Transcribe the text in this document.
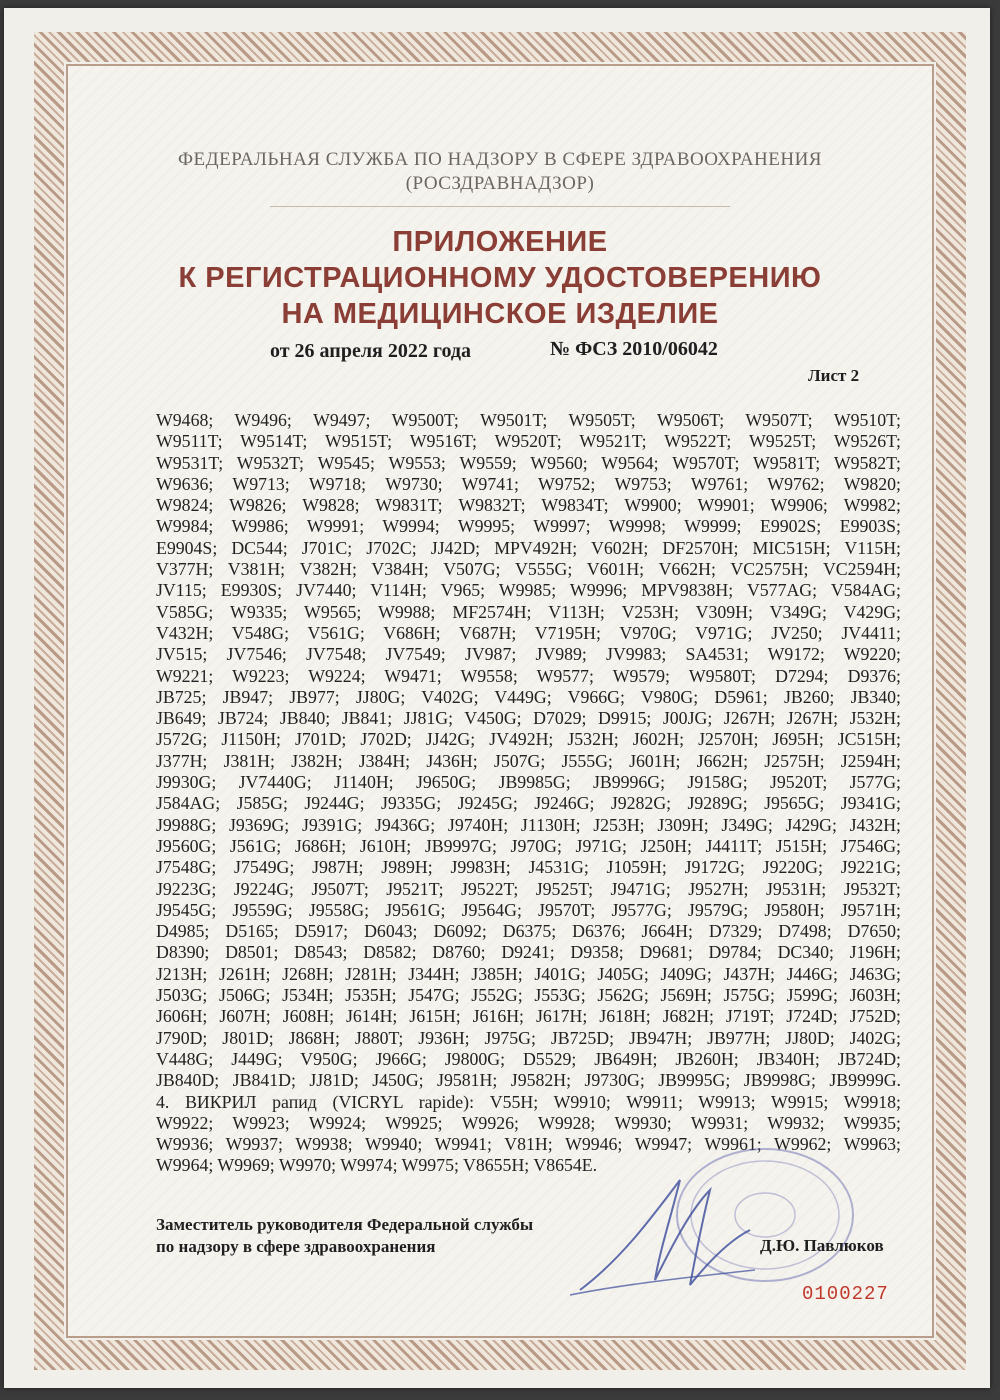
ФЕДЕРАЛЬНАЯ СЛУЖБА ПО НАДЗОРУ В СФЕРЕ ЗДРАВООХРАНЕНИЯ
(РОСЗДРАВНАДЗОР)
ПРИЛОЖЕНИЕ
К РЕГИСТРАЦИОННОМУ УДОСТОВЕРЕНИЮ
НА МЕДИЦИНСКОЕ ИЗДЕЛИЕ
от 26 апреля 2022 года	№ ФСЗ 2010/06042
Лист 2
W9468; W9496; W9497; W9500T; W9501T; W9505T; W9506T; W9507T; W9510T;
W9511T; W9514T; W9515T; W9516T; W9520T; W9521T; W9522T; W9525T; W9526T;
W9531T; W9532T; W9545; W9553; W9559; W9560; W9564; W9570T; W9581T; W9582T;
W9636; W9713; W9718; W9730; W9741; W9752; W9753; W9761; W9762; W9820;
W9824; W9826; W9828; W9831T; W9832T; W9834T; W9900; W9901; W9906; W9982;
W9984; W9986; W9991; W9994; W9995; W9997; W9998; W9999; E9902S; E9903S;
E9904S; DC544; J701C; J702C; JJ42D; MPV492H; V602H; DF2570H; MIC515H; V115H;
V377H; V381H; V382H; V384H; V507G; V555G; V601H; V662H; VC2575H; VC2594H;
JV115; E9930S; JV7440; V114H; V965; W9985; W9996; MPV9838H; V577AG; V584AG;
V585G; W9335; W9565; W9988; MF2574H; V113H; V253H; V309H; V349G; V429G;
V432H; V548G; V561G; V686H; V687H; V7195H; V970G; V971G; JV250; JV4411;
JV515; JV7546; JV7548; JV7549; JV987; JV989; JV9983; SA4531; W9172; W9220;
W9221; W9223; W9224; W9471; W9558; W9577; W9579; W9580T; D7294; D9376;
JB725; JB947; JB977; JJ80G; V402G; V449G; V966G; V980G; D5961; JB260; JB340;
JB649; JB724; JB840; JB841; JJ81G; V450G; D7029; D9915; J00JG; J267H; J267H; J532H;
J572G; J1150H; J701D; J702D; JJ42G; JV492H; J532H; J602H; J2570H; J695H; JC515H;
J377H; J381H; J382H; J384H; J436H; J507G; J555G; J601H; J662H; J2575H; J2594H;
J9930G; JV7440G; J1140H; J9650G; JB9985G; JB9996G; J9158G; J9520T; J577G;
J584AG; J585G; J9244G; J9335G; J9245G; J9246G; J9282G; J9289G; J9565G; J9341G;
J9988G; J9369G; J9391G; J9436G; J9740H; J1130H; J253H; J309H; J349G; J429G; J432H;
J9560G; J561G; J686H; J610H; JB9997G; J970G; J971G; J250H; J4411T; J515H; J7546G;
J7548G; J7549G; J987H; J989H; J9983H; J4531G; J1059H; J9172G; J9220G; J9221G;
J9223G; J9224G; J9507T; J9521T; J9522T; J9525T; J9471G; J9527H; J9531H; J9532T;
J9545G; J9559G; J9558G; J9561G; J9564G; J9570T; J9577G; J9579G; J9580H; J9571H;
D4985; D5165; D5917; D6043; D6092; D6375; D6376; J664H; D7329; D7498; D7650;
D8390; D8501; D8543; D8582; D8760; D9241; D9358; D9681; D9784; DC340; J196H;
J213H; J261H; J268H; J281H; J344H; J385H; J401G; J405G; J409G; J437H; J446G; J463G;
J503G; J506G; J534H; J535H; J547G; J552G; J553G; J562G; J569H; J575G; J599G; J603H;
J606H; J607H; J608H; J614H; J615H; J616H; J617H; J618H; J682H; J719T; J724D; J752D;
J790D; J801D; J868H; J880T; J936H; J975G; JB725D; JB947H; JB977H; JJ80D; J402G;
V448G; J449G; V950G; J966G; J9800G; D5529; JB649H; JB260H; JB340H; JB724D;
JB840D; JB841D; JJ81D; J450G; J9581H; J9582H; J9730G; JB9995G; JB9998G; JB9999G.
4. ВИКРИЛ рапид (VICRYL rapide): V55H; W9910; W9911; W9913; W9915; W9918;
W9922; W9923; W9924; W9925; W9926; W9928; W9930; W9931; W9932; W9935;
W9936; W9937; W9938; W9940; W9941; V81H; W9946; W9947; W9961; W9962; W9963;
W9964; W9969; W9970; W9974; W9975; V8655H; V8654E.
Заместитель руководителя Федеральной службы
по надзору в сфере здравоохранения	Д.Ю. Павлюков
0100227
